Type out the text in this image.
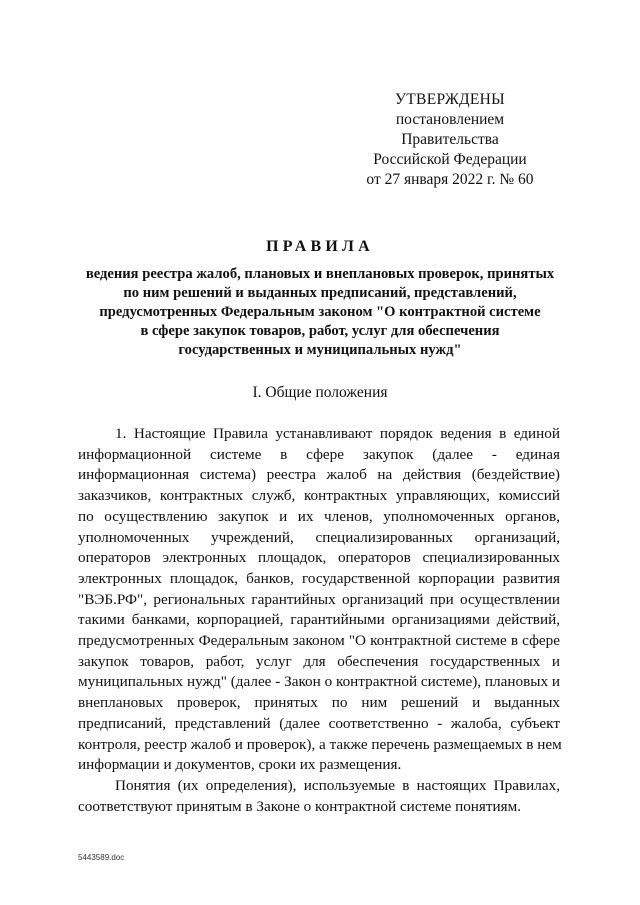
УТВЕРЖДЕНЫ
постановлением Правительства
Российской Федерации
от 27 января 2022 г. № 60
ПРАВИЛА
ведения реестра жалоб, плановых и внеплановых проверок, принятых
по ним решений и выданных предписаний, представлений,
предусмотренных Федеральным законом "О контрактной системе
в сфере закупок товаров, работ, услуг для обеспечения
государственных и муниципальных нужд"
I. Общие положения
1. Настоящие Правила устанавливают порядок ведения в единой
информационной системе в сфере закупок (далее - единая
информационная система) реестра жалоб на действия (бездействие)
заказчиков, контрактных служб, контрактных управляющих, комиссий
по осуществлению закупок и их членов, уполномоченных органов,
уполномоченных учреждений, специализированных организаций,
операторов электронных площадок, операторов специализированных
электронных площадок, банков, государственной корпорации развития
"ВЭБ.РФ", региональных гарантийных организаций при осуществлении
такими банками, корпорацией, гарантийными организациями действий,
предусмотренных Федеральным законом "О контрактной системе в сфере
закупок товаров, работ, услуг для обеспечения государственных и
муниципальных нужд" (далее - Закон о контрактной системе), плановых и
внеплановых проверок, принятых по ним решений и выданных
предписаний, представлений (далее соответственно - жалоба, субъект
контроля, реестр жалоб и проверок), а также перечень размещаемых в нем
информации и документов, сроки их размещения.
Понятия (их определения), используемые в настоящих Правилах,
соответствуют принятым в Законе о контрактной системе понятиям.
5443589.doc
